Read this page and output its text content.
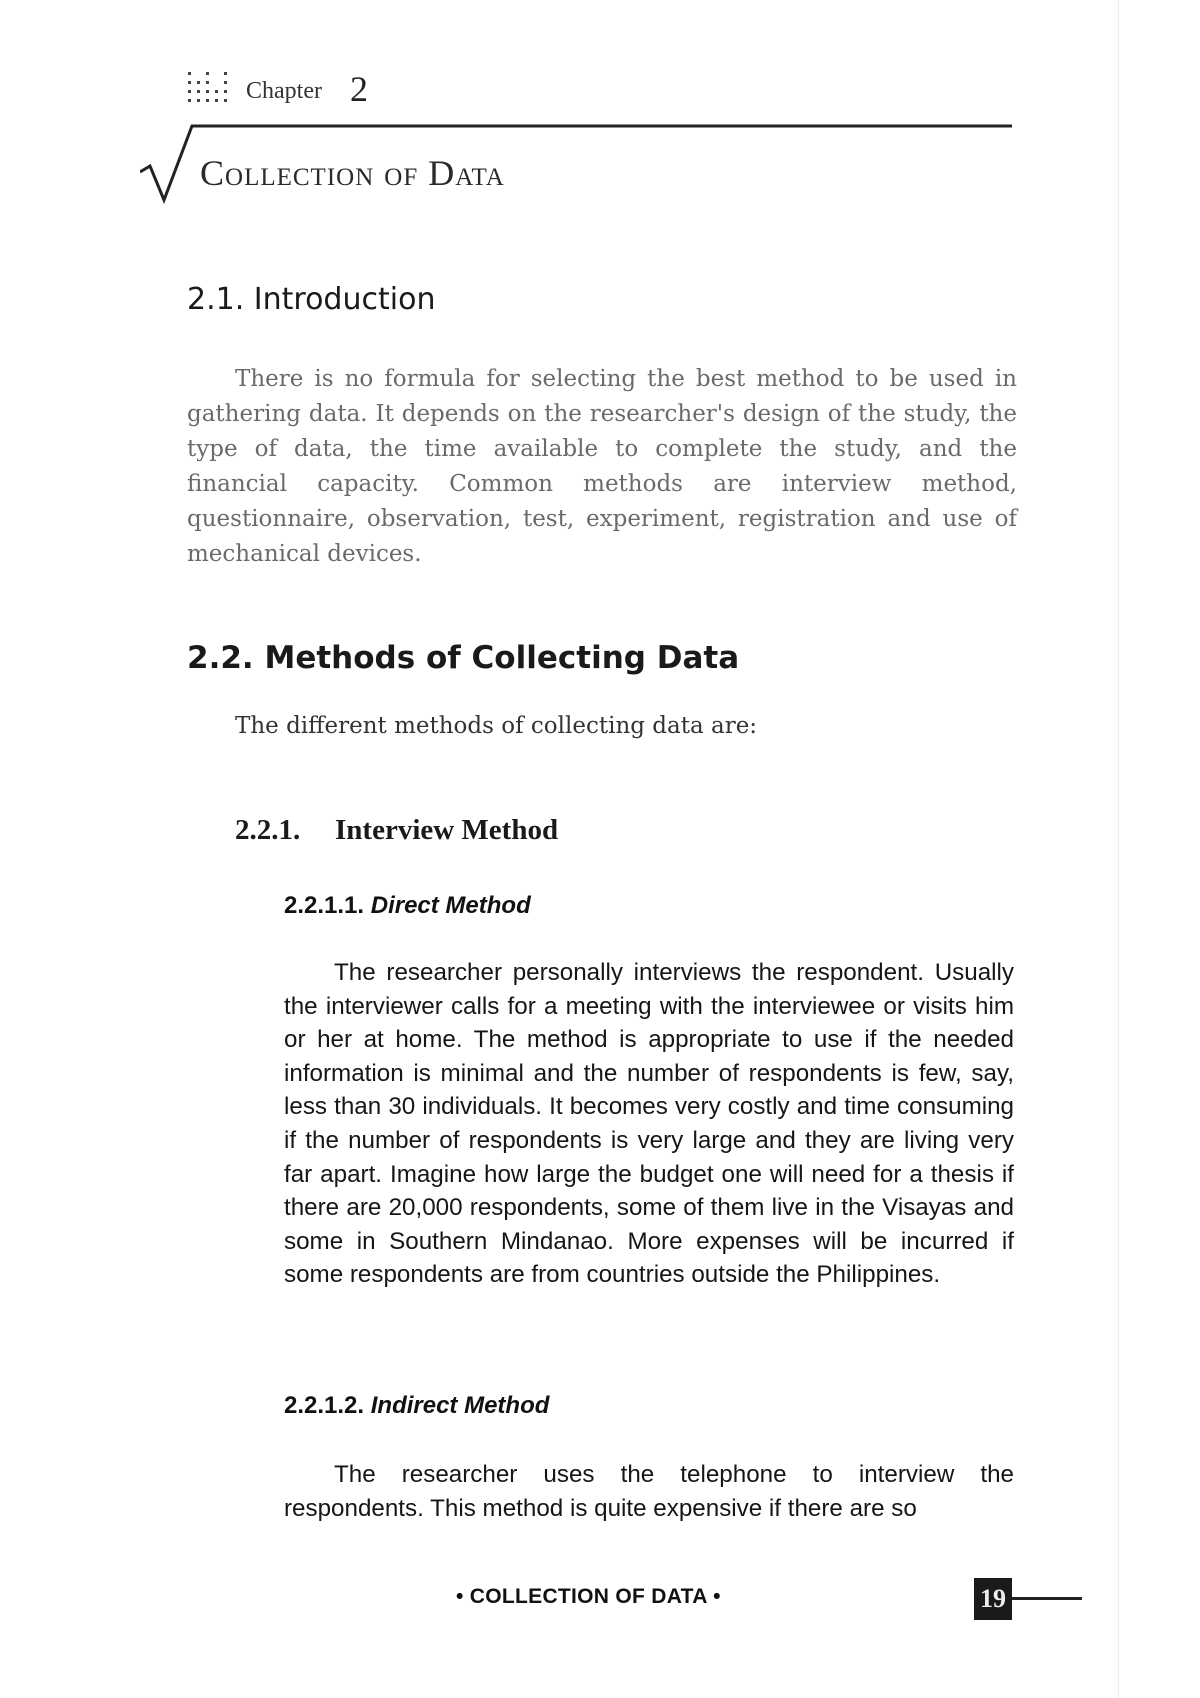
Chapter 2
Collection of Data
2.1. Introduction

There is no formula for selecting the best method to be used in gathering data. It depends on the researcher's design of the study, the type of data, the time available to complete the study, and the financial capacity. Common methods are interview method, questionnaire, observation, test, experiment, registration and use of mechanical devices.

2.2. Methods of Collecting Data

The different methods of collecting data are:

2.2.1. Interview Method
2.2.1.1. Direct Method

The researcher personally interviews the respondent. Usually the interviewer calls for a meeting with the interviewee or visits him or her at home. The method is appropriate to use if the needed information is minimal and the number of respondents is few, say, less than 30 individuals. It becomes very costly and time consuming if the number of respondents is very large and they are living very far apart. Imagine how large the budget one will need for a thesis if there are 20,000 respondents, some of them live in the Visayas and some in Southern Mindanao. More expenses will be incurred if some respondents are from countries outside the Philippines.

2.2.1.2. Indirect Method

The researcher uses the telephone to interview the respondents. This method is quite expensive if there are so

• COLLECTION OF DATA •	19
